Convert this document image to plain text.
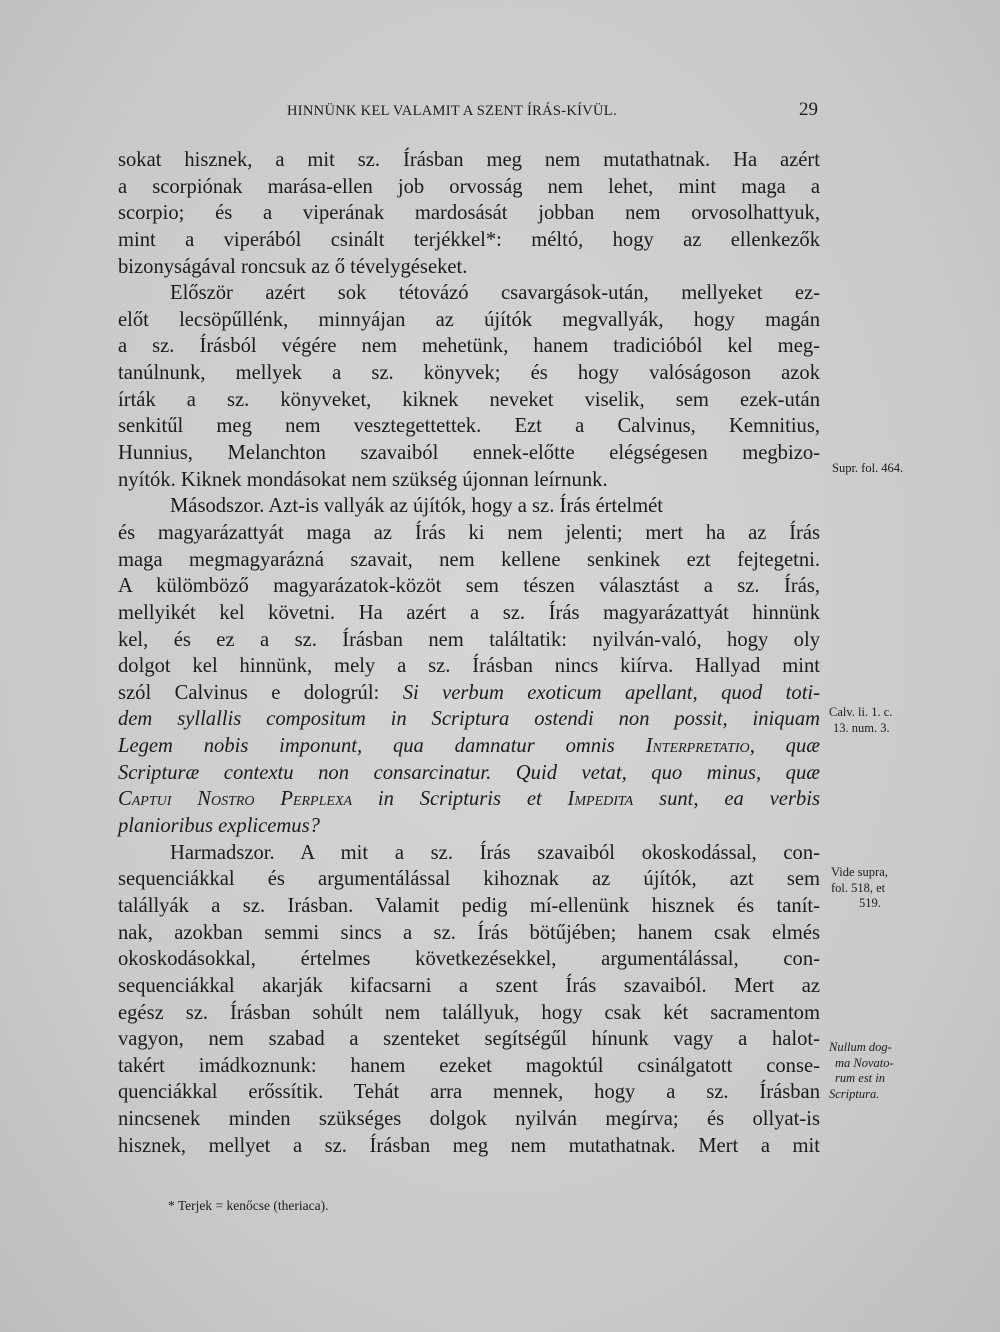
HINNÜNK KEL VALAMIT A SZENT ÍRÁS-KÍVÜL.	29
sokat hisznek, a mit sz. Írásban meg nem mutathatnak. Ha azért
a scorpiónak marása-ellen job orvosság nem lehet, mint maga a
scorpio; és a viperának mardosását jobban nem orvosolhattyuk,
mint a viperából csinált terjékkel*: méltó, hogy az ellenkezők
bizonyságával roncsuk az ő tévelygéseket.
Először azért sok tétovázó csavargások-után, mellyeket ez-
előt lecsöpűllénk, minnyájan az újítók megvallyák, hogy magán
a sz. Írásból végére nem mehetünk, hanem tradicióból kel meg-
tanúlnunk, mellyek a sz. könyvek; és hogy valóságoson azok
írták a sz. könyveket, kiknek neveket viselik, sem ezek-után
senkitűl meg nem vesztegettettek. Ezt a Calvinus, Kemnitius,
Hunnius, Melanchton szavaiból ennek-előtte elégségesen megbizo-
nyítók. Kiknek mondásokat nem szükség újonnan leírnunk.
Másodszor. Azt-is vallyák az újítók, hogy a sz. Írás értelmét
és magyarázattyát maga az Írás ki nem jelenti; mert ha az Írás
maga megmagyarázná szavait, nem kellene senkinek ezt fejtegetni.
A külömböző magyarázatok-közöt sem tészen választást a sz. Írás,
mellyikét kel követni. Ha azért a sz. Írás magyarázattyát hinnünk
kel, és ez a sz. Írásban nem találtatik: nyilván-való, hogy oly
dolgot kel hinnünk, mely a sz. Írásban nincs kiírva. Hallyad mint
szól Calvinus e dologrúl: Si verbum exoticum apellant, quod toti-
dem syllallis compositum in Scriptura ostendi non possit, iniquam
Legem nobis imponunt, qua damnatur omnis Interpretatio, quæ
Scripturæ contextu non consarcinatur. Quid vetat, quo minus, quæ
Captui Nostro Perplexa in Scripturis et Impedita sunt, ea verbis
planioribus explicemus?
Harmadszor. A mit a sz. Írás szavaiból okoskodással, con-
sequenciákkal és argumentálással kihoznak az újítók, azt sem
talállyák a sz. Irásban. Valamit pedig mí-ellenünk hisznek és tanít-
nak, azokban semmi sincs a sz. Írás bötűjében; hanem csak elmés
okoskodásokkal, értelmes következésekkel, argumentálással, con-
sequenciákkal akarják kifacsarni a szent Írás szavaiból. Mert az
egész sz. Írásban sohúlt nem talállyuk, hogy csak két sacramentom
vagyon, nem szabad a szenteket segítségűl hínunk vagy a halot-
takért imádkoznunk: hanem ezeket magoktúl csinálgatott conse-
quenciákkal erőssítik. Tehát arra mennek, hogy a sz. Írásban
nincsenek minden szükséges dolgok nyilván megírva; és ollyat-is
hisznek, mellyet a sz. Írásban meg nem mutathatnak. Mert a mit
Supr. fol. 464.
Calv. li. 1. c.
13. num. 3.
Vide supra,
fol. 518, et
519.
Nullum dog-
ma Novato-
rum est in
Scriptura.
* Terjek = kenőcse (theriaca).
